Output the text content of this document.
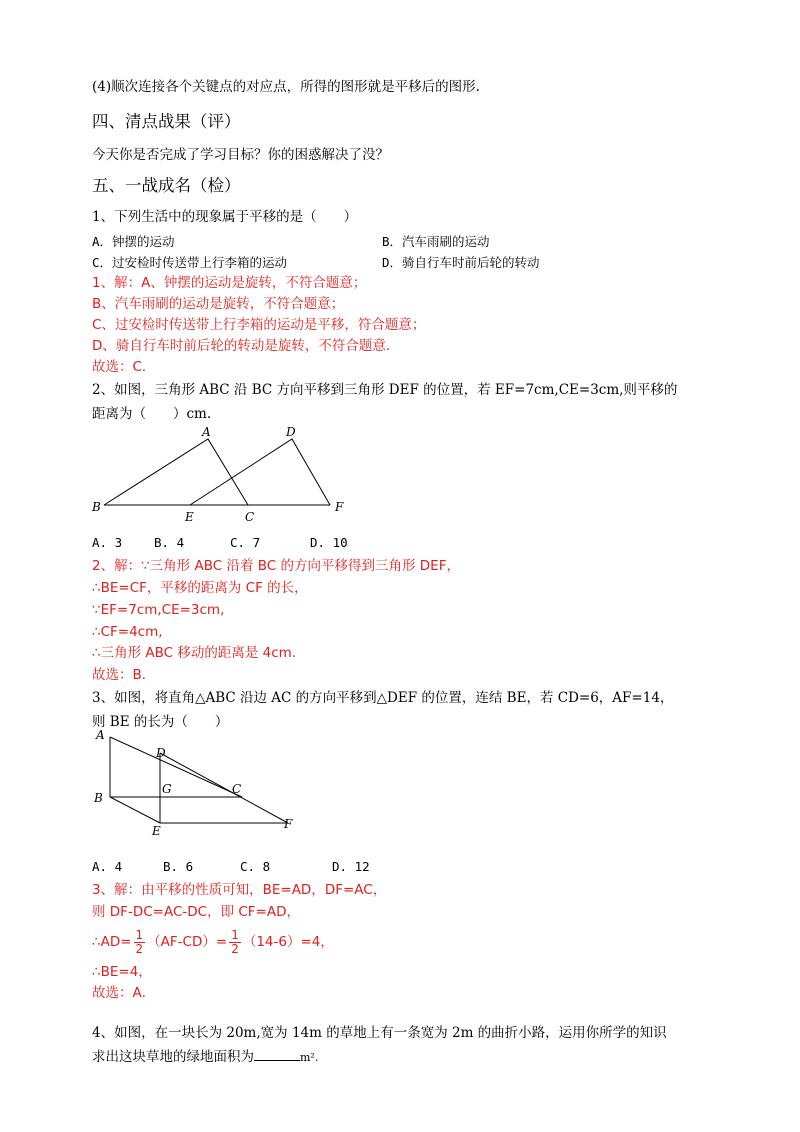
(4)顺次连接各个关键点的对应点，所得的图形就是平移后的图形.
四、清点战果（评）
今天你是否完成了学习目标？你的困惑解决了没？
五、一战成名（检）
1、下列生活中的现象属于平移的是（　　）
A．钟摆的运动	B．汽车雨刷的运动
C．过安检时传送带上行李箱的运动	D．骑自行车时前后轮的转动
1、解：A、钟摆的运动是旋转，不符合题意；
B、汽车雨刷的运动是旋转，不符合题意；
C、过安检时传送带上行李箱的运动是平移，符合题意；
D、骑自行车时前后轮的转动是旋转，不符合题意．
故选：C．
2、如图，三角形 ABC 沿 BC 方向平移到三角形 DEF 的位置，若 EF=7cm,CE=3cm,则平移的
距离为（　　）cm.
A	D
B
E	C
F
A. 3	B. 4	C. 7	D. 10
2、解：∵三角形 ABC 沿着 BC 的方向平移得到三角形 DEF，
∴BE=CF，平移的距离为 CF 的长，
∵EF=7cm,CE=3cm,
∴CF=4cm,
∴三角形 ABC 移动的距离是 4cm.
故选：B．
3、如图，将直角△ABC 沿边 AC 的方向平移到△DEF 的位置，连结 BE，若 CD=6，AF=14，
则 BE 的长为（　　）
A
D
G	C
B
E	F
A. 4	B. 6	C. 8	D. 12
3、解：由平移的性质可知，BE=AD，DF=AC，
则 DF-DC=AC-DC，即 CF=AD，
∴AD= $\frac{1}{2} (AF-CD)= \frac{1}{2} (14-6)=4$，
∴BE=4，
故选：A．
4、如图，在一块长为 20m,宽为 14m 的草地上有一条宽为 2m 的曲折小路，运用你所学的知识
求出这块草地的绿地面积为	m².
